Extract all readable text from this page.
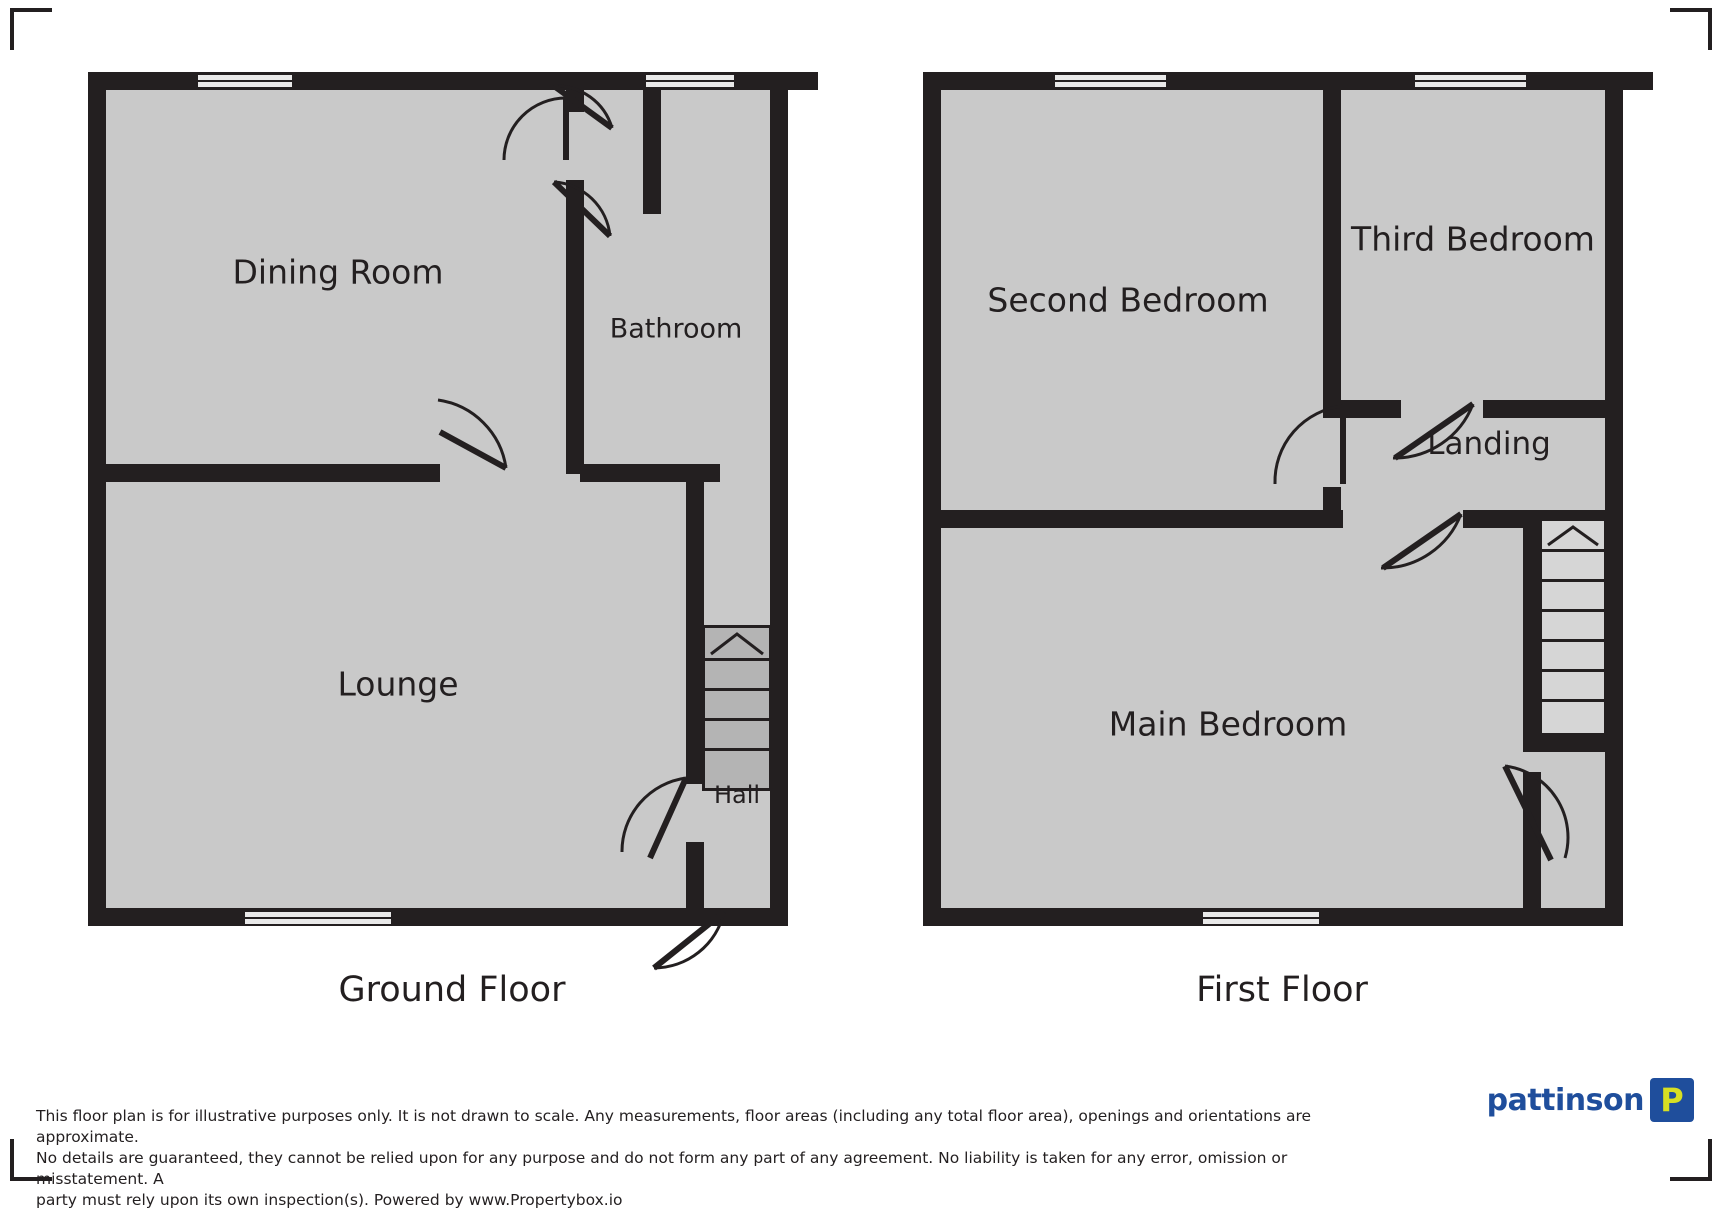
Dining Room
Bathroom
Lounge
Hall
Ground Floor
Second Bedroom
Third Bedroom
Landing
Main Bedroom
First Floor
This floor plan is for illustrative purposes only. It is not drawn to scale. Any measurements, floor areas (including any total floor area), openings and orientations are approximate.
No details are guaranteed, they cannot be relied upon for any purpose and do not form any part of any agreement. No liability is taken for any error, omission or misstatement. A
party must rely upon its own inspection(s). Powered by www.Propertybox.io
pattinson P
